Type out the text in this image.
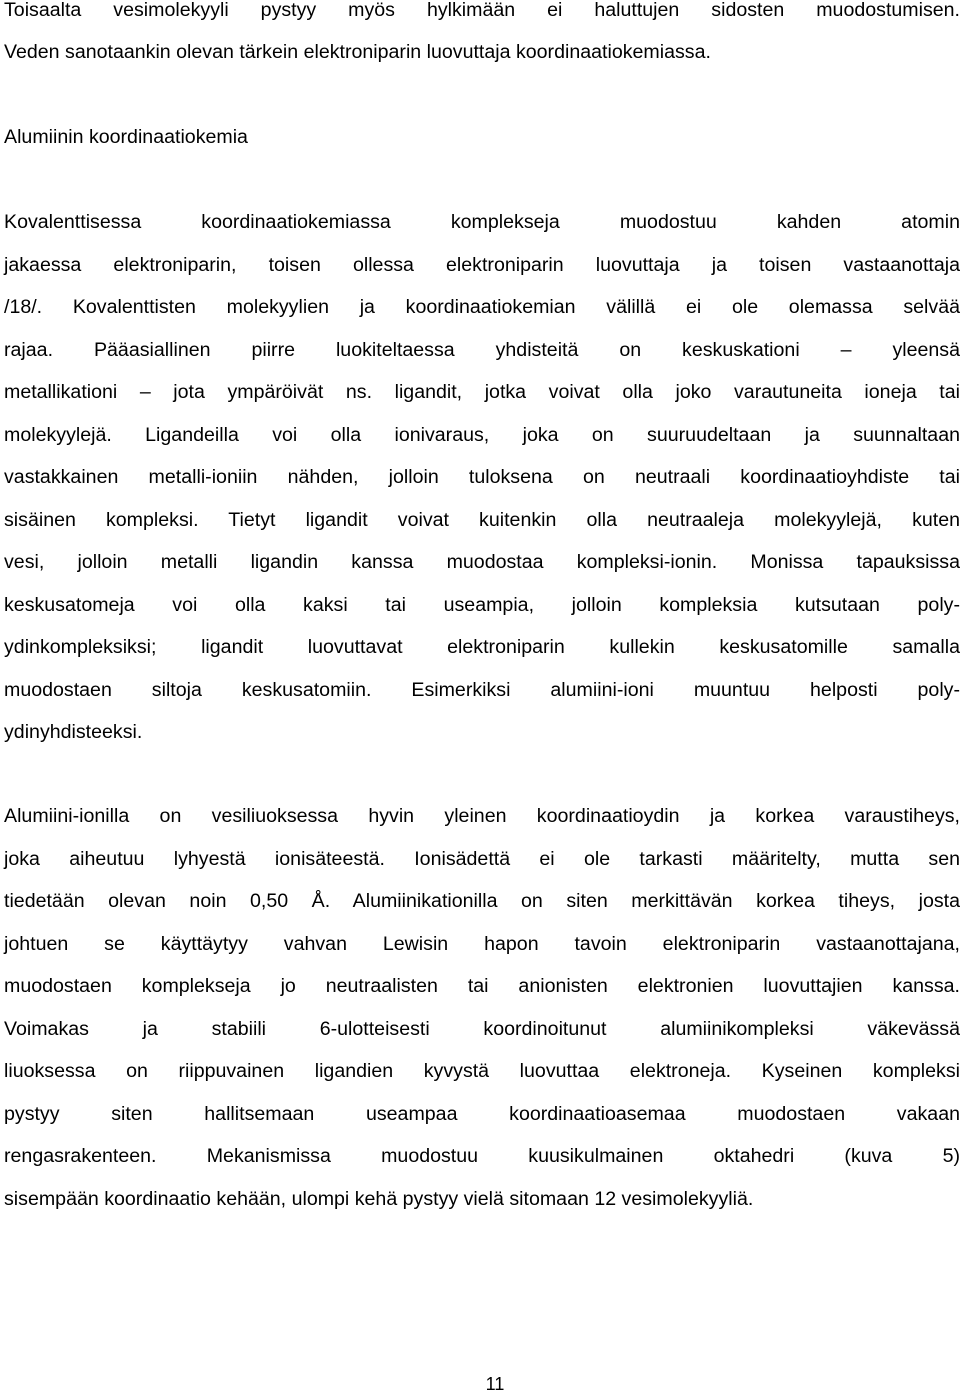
Toisaalta vesimolekyyli pystyy myös hylkimään ei haluttujen sidosten muodostumisen.
Veden sanotaankin olevan tärkein elektroniparin luovuttaja koordinaatiokemiassa.
Alumiinin koordinaatiokemia
Kovalenttisessa koordinaatiokemiassa komplekseja muodostuu kahden atomin
jakaessa elektroniparin, toisen ollessa elektroniparin luovuttaja ja toisen vastaanottaja
/18/. Kovalenttisten molekyylien ja koordinaatiokemian välillä ei ole olemassa selvää
rajaa. Pääasiallinen piirre luokiteltaessa yhdisteitä on keskuskationi – yleensä
metallikationi – jota ympäröivät ns. ligandit, jotka voivat olla joko varautuneita ioneja tai
molekyylejä. Ligandeilla voi olla ionivaraus, joka on suuruudeltaan ja suunnaltaan
vastakkainen metalli-ioniin nähden, jolloin tuloksena on neutraali koordinaatioyhdiste tai
sisäinen kompleksi. Tietyt ligandit voivat kuitenkin olla neutraaleja molekyylejä, kuten
vesi, jolloin metalli ligandin kanssa muodostaa kompleksi-ionin. Monissa tapauksissa
keskusatomeja voi olla kaksi tai useampia, jolloin kompleksia kutsutaan poly-
ydinkompleksiksi; ligandit luovuttavat elektroniparin kullekin keskusatomille samalla
muodostaen siltoja keskusatomiin. Esimerkiksi alumiini-ioni muuntuu helposti poly-
ydinyhdisteeksi.
Alumiini-ionilla on vesiliuoksessa hyvin yleinen koordinaatioydin ja korkea varaustiheys,
joka aiheutuu lyhyestä ionisäteestä. Ionisädettä ei ole tarkasti määritelty, mutta sen
tiedetään olevan noin 0,50 Å. Alumiinikationilla on siten merkittävän korkea tiheys, josta
johtuen se käyttäytyy vahvan Lewisin hapon tavoin elektroniparin vastaanottajana,
muodostaen komplekseja jo neutraalisten tai anionisten elektronien luovuttajien kanssa.
Voimakas ja stabiili 6-ulotteisesti koordinoitunut alumiinikompleksi väkevässä
liuoksessa on riippuvainen ligandien kyvystä luovuttaa elektroneja. Kyseinen kompleksi
pystyy siten hallitsemaan useampaa koordinaatioasemaa muodostaen vakaan
rengasrakenteen. Mekanismissa muodostuu kuusikulmainen oktahedri (kuva 5)
sisempään koordinaatio kehään, ulompi kehä pystyy vielä sitomaan 12 vesimolekyyliä.
11
